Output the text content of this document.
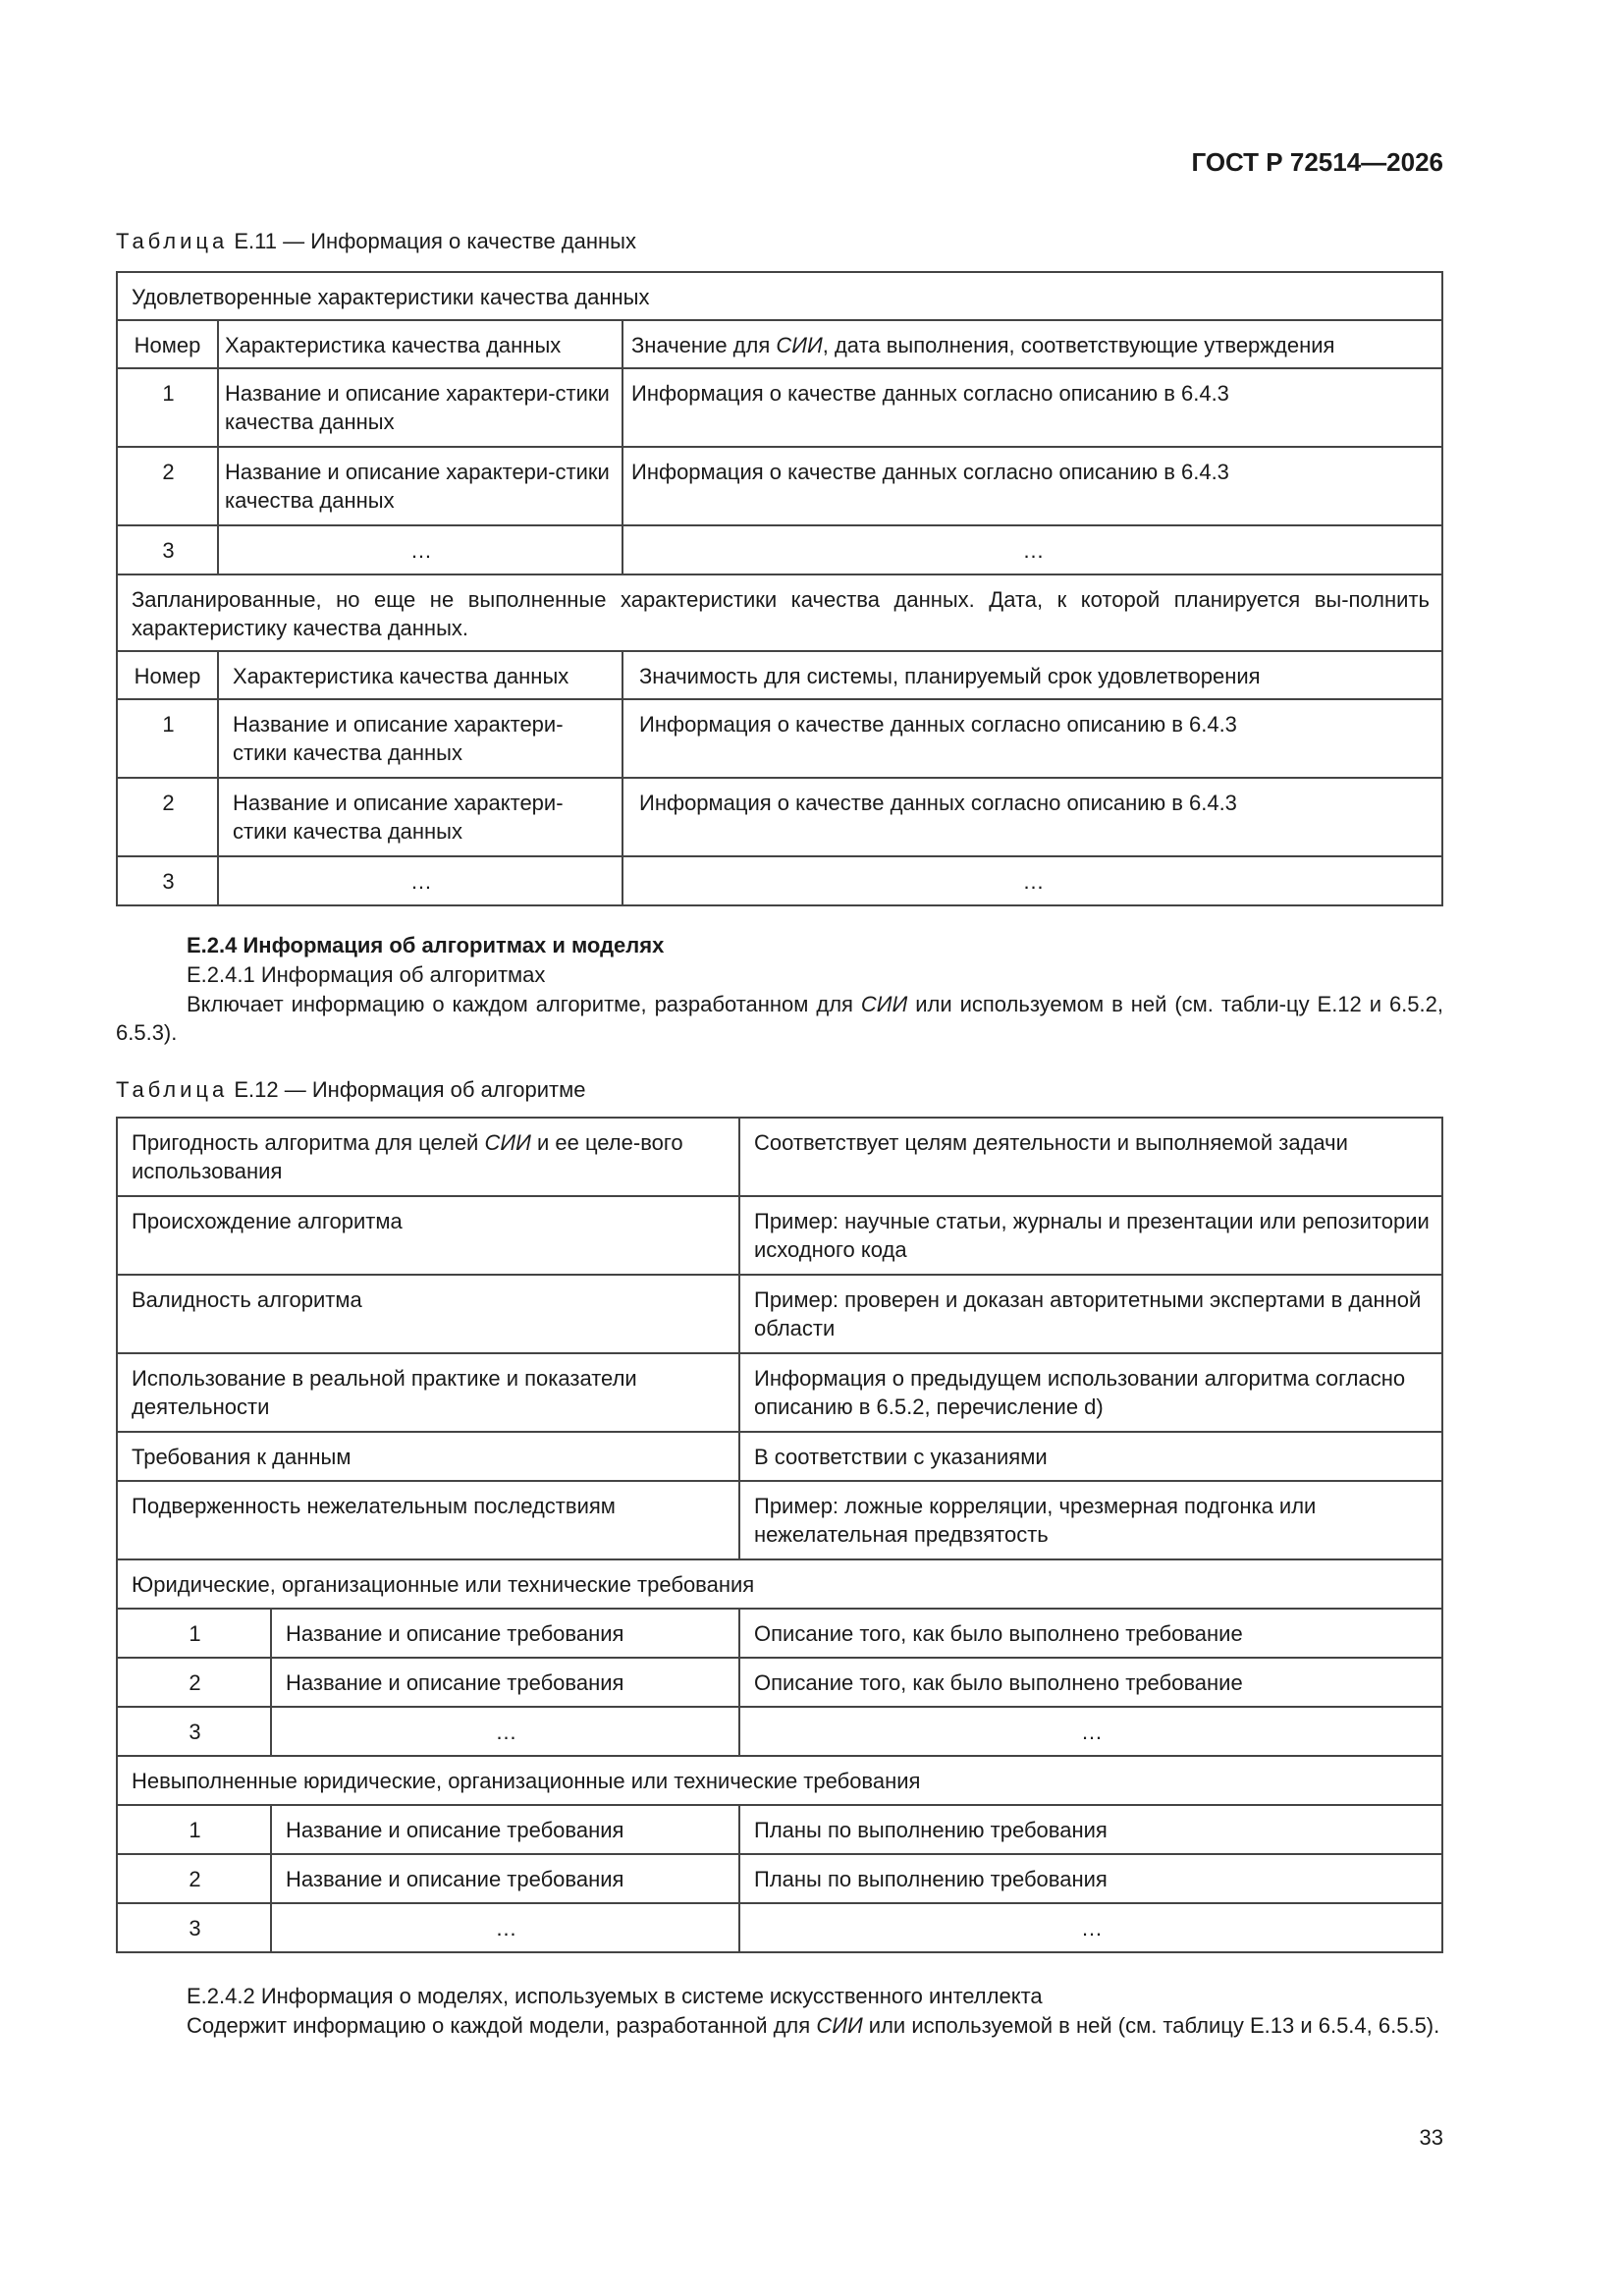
ГОСТ Р 72514—2026
Таблица Е.11 — Информация о качестве данных
Удовлетворенные характеристики качества данных		
Номер	Характеристика качества данных	Значение для СИИ, дата выполнения, соответствующие утверждения
1	Название и описание характери-стики качества данных	Информация о качестве данных согласно описанию в 6.4.3
2	Название и описание характери-стики качества данных	Информация о качестве данных согласно описанию в 6.4.3
3	…	…
Запланированные, но еще не выполненные характеристики качества данных. Дата, к которой планируется вы-полнить характеристику качества данных.		
Номер	Характеристика качества данных	Значимость для системы, планируемый срок удовлетворения
1	Название и описание характери-стики качества данных	Информация о качестве данных согласно описанию в 6.4.3
2	Название и описание характери-стики качества данных	Информация о качестве данных согласно описанию в 6.4.3
3	…	…
Е.2.4 Информация об алгоритмах и моделях
Е.2.4.1 Информация об алгоритмах
Включает информацию о каждом алгоритме, разработанном для СИИ или используемом в ней (см. табли-цу Е.12 и 6.5.2, 6.5.3).
Таблица Е.12 — Информация об алгоритме
Пригодность алгоритма для целей СИИ и ее целе-вого использования		Соответствует целям деятельности и выполняемой задачи
Происхождение алгоритма		Пример: научные статьи, журналы и презентации или репозитории исходного кода
Валидность алгоритма		Пример: проверен и доказан авторитетными экспертами в данной области
Использование в реальной практике и показатели деятельности		Информация о предыдущем использовании алгоритма согласно описанию в 6.5.2, перечисление d)
Требования к данным		В соответствии с указаниями
Подверженность нежелательным последствиям		Пример: ложные корреляции, чрезмерная подгонка или нежелательная предвзятость
Юридические, организационные или технические требования		
1	Название и описание требования	Описание того, как было выполнено требование
2	Название и описание требования	Описание того, как было выполнено требование
3	…	…
Невыполненные юридические, организационные или технические требования		
1	Название и описание требования	Планы по выполнению требования
2	Название и описание требования	Планы по выполнению требования
3	…	…
Е.2.4.2 Информация о моделях, используемых в системе искусственного интеллекта
Содержит информацию о каждой модели, разработанной для СИИ или используемой в ней (см. таблицу Е.13 и 6.5.4, 6.5.5).
33
